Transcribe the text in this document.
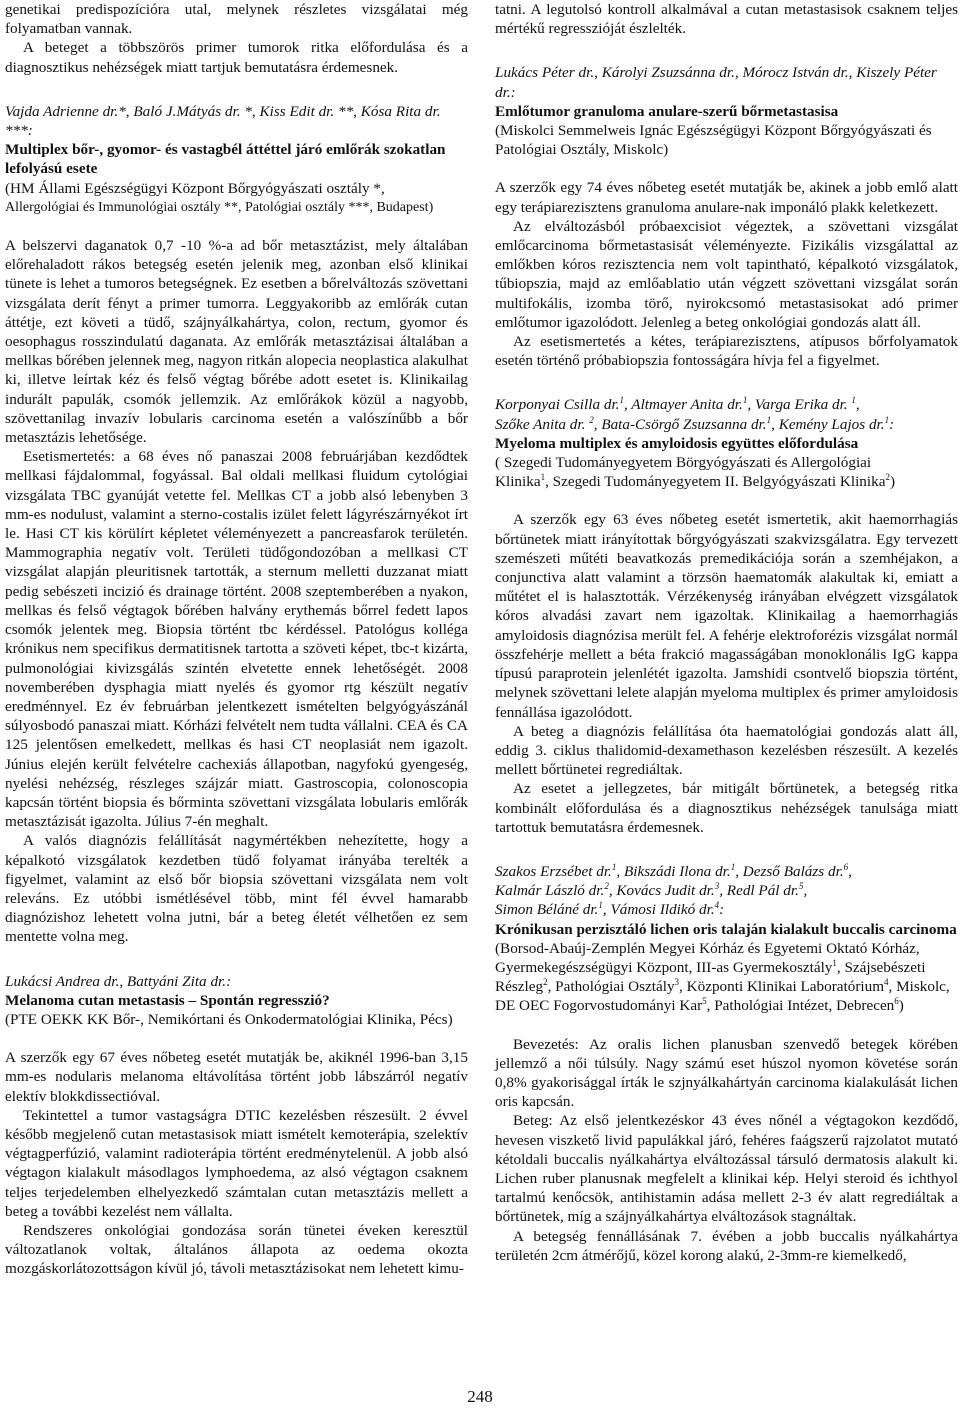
genetikai predispozícióra utal, melynek részletes vizsgálatai még folyamatban vannak.

A beteget a többszörös primer tumorok ritka előfordulása és a diagnosztikus nehézségek miatt tartjuk bemutatásra érdemesnek.

Vajda Adrienne dr.*, Baló J.Mátyás dr. *, Kiss Edit dr. **, Kósa Rita dr. ***:

Multiplex bőr-, gyomor- és vastagbél áttéttel járó emlőrák szokatlan lefolyású esete

(HM Állami Egészségügyi Központ Bőrgyógyászati osztály *,

Allergológiai és Immunológiai osztály **, Patológiai osztály ***, Budapest)

A belszervi daganatok 0,7 -10 %-a ad bőr metasztázist, mely általában előrehaladott rákos betegség esetén jelenik meg, azonban első klinikai tünete is lehet a tumoros betegségnek. Ez esetben a bőrelváltozás szövettani vizsgálata derít fényt a primer tumorra. Leggyakoribb az emlőrák cutan áttétje, ezt követi a tüdő, szájnyálkahártya, colon, rectum, gyomor és oesophagus rosszindulatú daganata. Az emlőrák metasztázisai általában a mellkas bőrében jelennek meg, nagyon ritkán alopecia neoplastica alakulhat ki, illetve leírtak kéz és felső végtag bőrébe adott esetet is. Klinikailag indurált papulák, csomók jellemzik. Az emlőrákok közül a nagyobb, szövettanilag invazív lobularis carcinoma esetén a valószínűbb a bőr metasztázis lehetősége.

Esetismertetés: a 68 éves nő panaszai 2008 februárjában kezdődtek mellkasi fájdalommal, fogyással. Bal oldali mellkasi fluidum cytológiai vizsgálata TBC gyanúját vetette fel. Mellkas CT a jobb alsó lebenyben 3 mm-es nodulust, valamint a sterno-costalis izület felett lágyrészárnyékot írt le. Hasi CT kis körülírt képletet véleményezett a pancreasfarok területén. Mammographia negatív volt. Területi tüdőgondozóban a mellkasi CT vizsgálat alapján pleuritisnek tartották, a sternum melletti duzzanat miatt pedig sebészeti incizió és drainage történt. 2008 szeptemberében a nyakon, mellkas és felső végtagok bőrében halvány erythemás bőrrel fedett lapos csomók jelentek meg. Biopsia történt tbc kérdéssel. Patológus kolléga krónikus nem specifikus dermatitisnek tartotta a szöveti képet, tbc-t kizárta, pulmonológiai kivizsgálás szintén elvetette ennek lehetőségét. 2008 novemberében dysphagia miatt nyelés és gyomor rtg készült negatív eredménnyel. Ez év februárban jelentkezett ismételten belgyógyászánál súlyosbodó panaszai miatt. Kórházi felvételt nem tudta vállalni. CEA és CA 125 jelentősen emelkedett, mellkas és hasi CT neoplasiát nem igazolt. Június elején került felvételre cachexiás állapotban, nagyfokú gyengeség, nyelési nehézség, részleges szájzár miatt. Gastroscopia, colonoscopia kapcsán történt biopsia és bőrminta szövettani vizsgálata lobularis emlőrák metasztázisát igazolta. Július 7-én meghalt.

A valós diagnózis felállítását nagymértékben nehezítette, hogy a képalkotó vizsgálatok kezdetben tüdő folyamat irányába terelték a figyelmet, valamint az első bőr biopsia szövettani vizsgálata nem volt releváns. Ez utóbbi ismétlésével több, mint fél évvel hamarabb diagnózishoz lehetett volna jutni, bár a beteg életét vélhetően ez sem mentette volna meg.

Lukácsi Andrea dr., Battyáni Zita dr.:

Melanoma cutan metastasis – Spontán regresszió?

(PTE OEKK KK Bőr-, Nemikórtani és Onkodermatológiai Klinika, Pécs)

A szerzők egy 67 éves nőbeteg esetét mutatják be, akiknél 1996-ban 3,15 mm-es nodularis melanoma eltávolítása történt jobb lábszárról negatív elektív blokkdissectióval.

Tekintettel a tumor vastagságra DTIC kezelésben részesült. 2 évvel később megjelenő cutan metastasisok miatt ismételt kemoterápia, szelektív végtagperfúzió, valamint radioterápia történt eredménytelenül. A jobb alsó végtagon kialakult másodlagos lymphoedema, az alsó végtagon csaknem teljes terjedelemben elhelyezkedő számtalan cutan metasztázis mellett a beteg a további kezelést nem vállalta.

Rendszeres onkológiai gondozása során tünetei éveken keresztül változatlanok voltak, általános állapota az oedema okozta mozgáskorlátozottságon kívül jó, távoli metasztázisokat nem lehetett kimu-

tatni. A legutolsó kontroll alkalmával a cutan metastasisok csaknem teljes mértékű regresszióját észlelték.

Lukács Péter dr., Károlyi Zsuzsánna dr., Mórocz István dr., Kiszely Péter dr.:

Emlőtumor granuloma anulare-szerű bőrmetastasisa

(Miskolci Semmelweis Ignác Egészségügyi Központ Bőrgyógyászati és Patológiai Osztály, Miskolc)

A szerzők egy 74 éves nőbeteg esetét mutatják be, akinek a jobb emlő alatt egy terápiarezisztens granuloma anulare-nak imponáló plakk keletkezett.

Az elváltozásból próbaexcisiot végeztek, a szövettani vizsgálat emlőcarcinoma bőrmetastasisát véleményezte. Fizikális vizsgálattal az emlőkben kóros rezisztencia nem volt tapintható, képalkotó vizsgálatok, tűbiopszia, majd az emlőablatio után végzett szövettani vizsgálat során multifokális, izomba törő, nyirokcsomó metastasisokat adó primer emlőtumor igazolódott. Jelenleg a beteg onkológiai gondozás alatt áll.

Az esetismertetés a kétes, terápiarezisztens, atípusos bőrfolyamatok esetén történő próbabiopszia fontosságára hívja fel a figyelmet.

Korponyai Csilla dr.$^1$, Altmayer Anita dr.$^1$, Varga Erika dr. $^1$,
Szőke Anita dr. $^2$, Bata-Csörgő Zsuzsanna dr.$^1$, Kemény Lajos dr.$^1$:

Myeloma multiplex és amyloidosis együttes előfordulása

( Szegedi Tudományegyetem Börgyógyászati és Allergológiai

Klinika$^1$, Szegedi Tudományegyetem II. Belgyógyászati Klinika$^2$)

A szerzők egy 63 éves nőbeteg esetét ismertetik, akit haemorrhagiás bőrtünetek miatt irányítottak bőrgyógyászati szakvizsgálatra. Egy tervezett szemészeti műtéti beavatkozás premedikációja során a szemhéjakon, a conjunctiva alatt valamint a törzsön haematomák alakultak ki, emiatt a műtétet el is halasztották. Vérzékenység irányában elvégzett vizsgálatok kóros alvadási zavart nem igazoltak. Klinikailag a haemorrhagiás amyloidosis diagnózisa merült fel. A fehérje elektroforézis vizsgálat normál összfehérje mellett a béta frakció magasságában monoklonális IgG kappa típusú paraprotein jelenlétét igazolta. Jamshidi csontvelő biopszia történt, melynek szövettani lelete alapján myeloma multiplex és primer amyloidosis fennállása igazolódott.

A beteg a diagnózis felállítása óta haematológiai gondozás alatt áll, eddig 3. ciklus thalidomid-dexamethason kezelésben részesült. A kezelés mellett bőrtünetei regrediáltak.

Az esetet a jellegzetes, bár mitigált bőrtünetek, a betegség ritka kombinált előfordulása és a diagnosztikus nehézségek tanulsága miatt tartottuk bemutatásra érdemesnek.

Szakos Erzsébet dr.$^1$, Bikszádi Ilona dr.$^1$, Dezső Balázs dr.$^6$,
Kalmár László dr.$^2$, Kovács Judit dr.$^3$, Redl Pál dr.$^5$,
Simon Béláné dr.$^1$, Vámosi Ildikó dr.$^4$:

Krónikusan perzisztáló lichen oris talaján kialakult buccalis carcinoma

(Borsod-Abaúj-Zemplén Megyei Kórház és Egyetemi Oktató Kórház, Gyermekegészségügyi Központ, III-as Gyermekosztály$^1$, Szájsebészeti Részleg$^2$, Pathológiai Osztály$^3$, Központi Klinikai Laboratórium$^4$, Miskolc, DE OEC Fogorvostudományi Kar$^5$, Pathológiai Intézet, Debrecen$^6$)

Bevezetés: Az oralis lichen planusban szenvedő betegek körében jellemző a női túlsúly. Nagy számú eset húszol nyomon követése során 0,8% gyakorisággal írták le szjnyálkahártyán carcinoma kialakulását lichen oris kapcsán.

Beteg: Az első jelentkezéskor 43 éves nőnél a végtagokon kezdődő, hevesen viszkető livid papulákkal járó, fehéres faágszerű rajzolatot mutató kétoldali buccalis nyálkahártya elváltozással társuló dermatosis alakult ki. Lichen ruber planusnak megfelelt a klinikai kép. Helyi steroid és ichthyol tartalmú kenőcsök, antihistamin adása mellett 2-3 év alatt regrediáltak a bőrtünetek, míg a szájnyálkahártya elváltozások stagnáltak.

A betegség fennállásának 7. évében a jobb buccalis nyálkahártya területén 2cm átmérőjű, közel korong alakú, 2-3mm-re kiemelkedő,

248
